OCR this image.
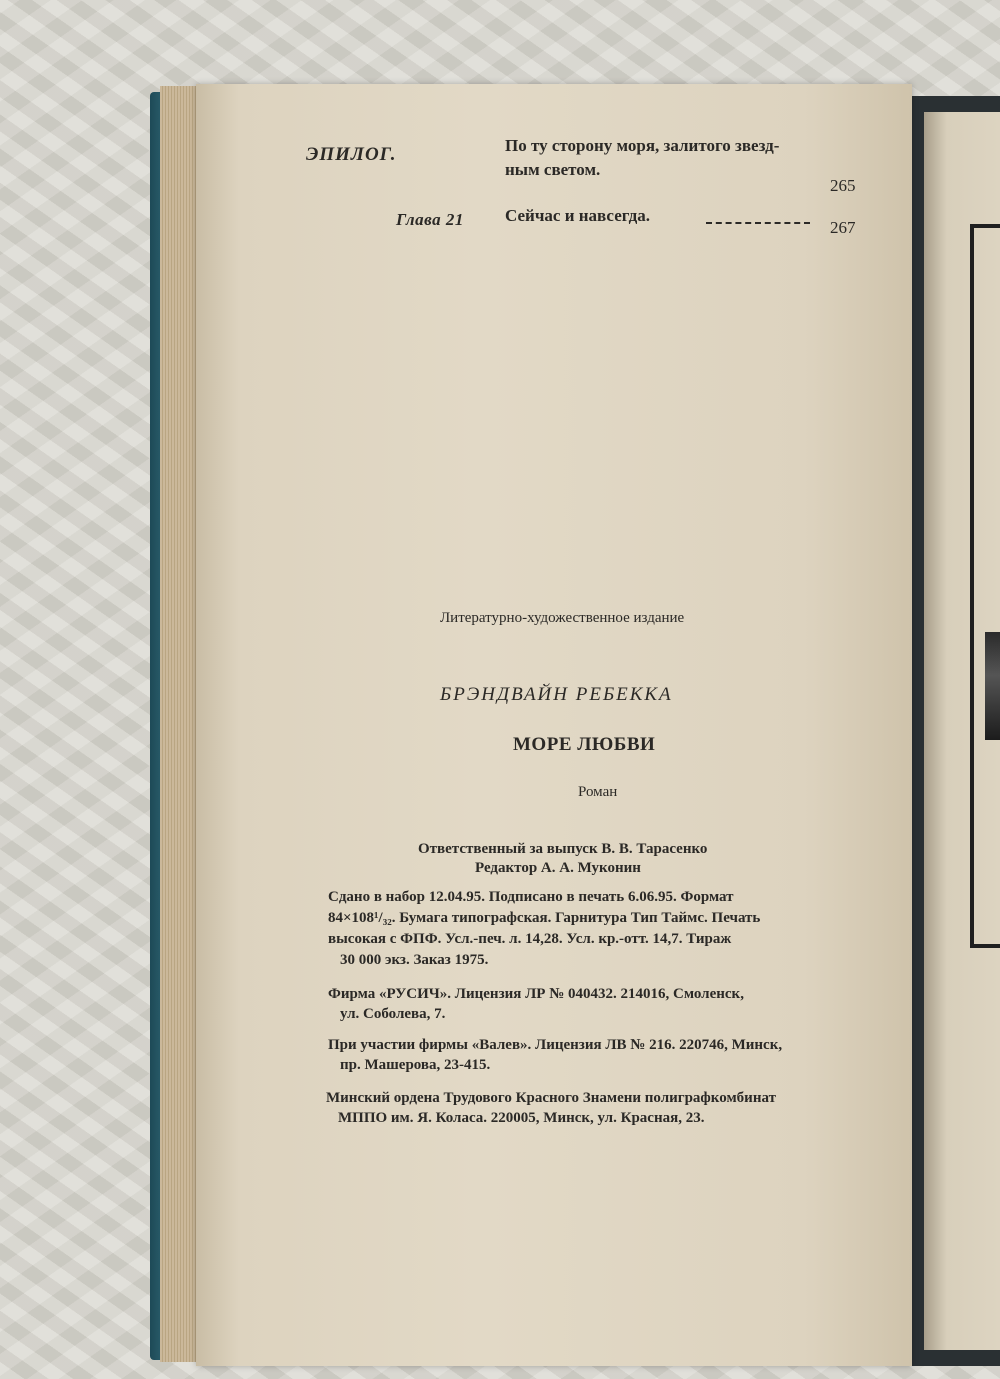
ЭПИЛОГ.	По ту сторону моря, залитого звезд-
ным светом.
265
Глава 21 Сейчас и навсегда.
267
Литературно-художественное издание
БРЭНДВАЙН РЕБЕККА
МОРЕ ЛЮБВИ
Роман
Ответственный за выпуск В. В. Тарасенко
Редактор А. А. Муконин
Сдано в набор 12.04.95. Подписано в печать 6.06.95. Формат
84×108¹/₃₂. Бумага типографская. Гарнитура Тип Таймс. Печать
высокая с ФПФ. Усл.-печ. л. 14,28. Усл. кр.-отт. 14,7. Тираж
30 000 экз. Заказ 1975.
Фирма «РУСИЧ». Лицензия ЛР № 040432. 214016, Смоленск,
ул. Соболева, 7.
При участии фирмы «Валев». Лицензия ЛВ № 216. 220746, Минск,
пр. Машерова, 23-415.
Минский ордена Трудового Красного Знамени полиграфкомбинат
МППО им. Я. Коласа. 220005, Минск, ул. Красная, 23.
